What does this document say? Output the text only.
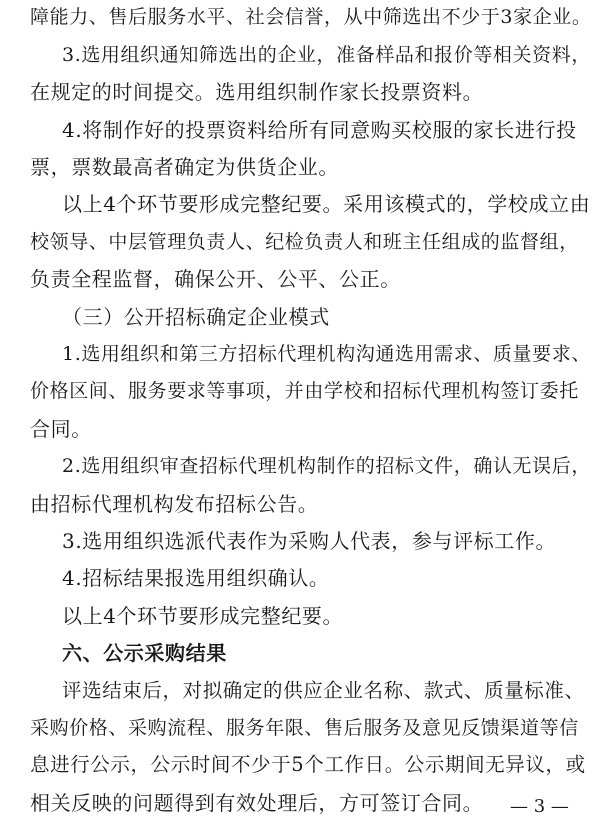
障能力、售后服务水平、社会信誉，从中筛选出不少于3家企业。
3.选用组织通知筛选出的企业，准备样品和报价等相关资料，
在规定的时间提交。选用组织制作家长投票资料。
4.将制作好的投票资料给所有同意购买校服的家长进行投
票，票数最高者确定为供货企业。
以上4个环节要形成完整纪要。采用该模式的，学校成立由
校领导、中层管理负责人、纪检负责人和班主任组成的监督组，
负责全程监督，确保公开、公平、公正。
（三）公开招标确定企业模式
1.选用组织和第三方招标代理机构沟通选用需求、质量要求、
价格区间、服务要求等事项，并由学校和招标代理机构签订委托
合同。
2.选用组织审查招标代理机构制作的招标文件，确认无误后，
由招标代理机构发布招标公告。
3.选用组织选派代表作为采购人代表，参与评标工作。
4.招标结果报选用组织确认。
以上4个环节要形成完整纪要。
六、公示采购结果
评选结束后，对拟确定的供应企业名称、款式、质量标准、
采购价格、采购流程、服务年限、售后服务及意见反馈渠道等信
息进行公示，公示时间不少于5个工作日。公示期间无异议，或
相关反映的问题得到有效处理后，方可签订合同。 — 3 —
